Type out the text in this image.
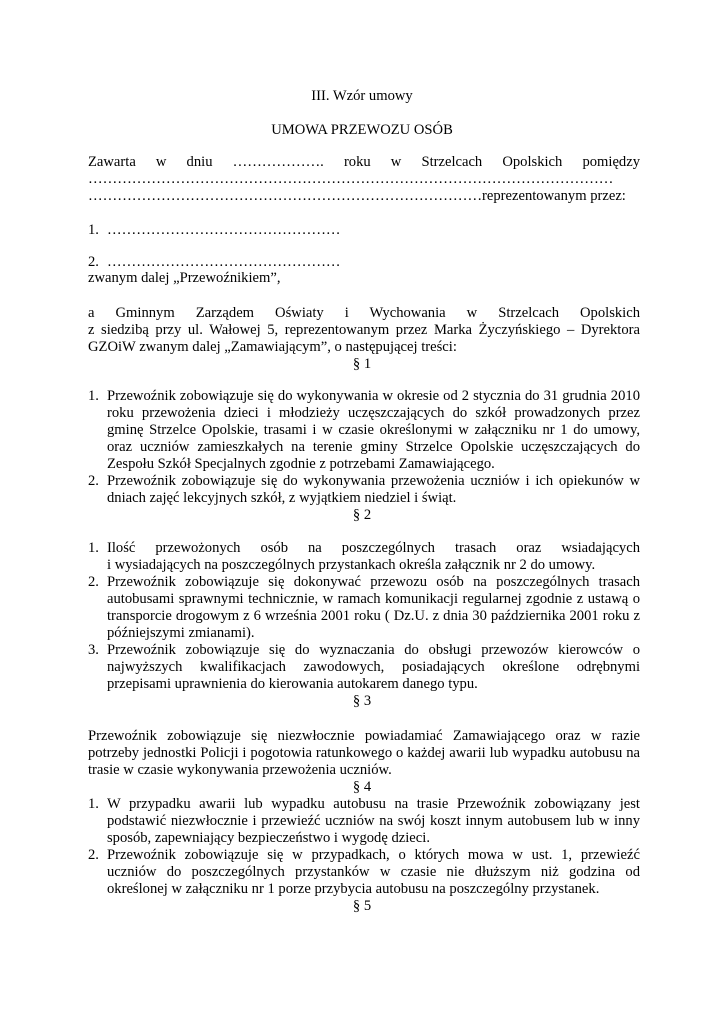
III. Wzór umowy
UMOWA PRZEWOZU OSÓB
Zawarta w dniu ………………. roku w Strzelcach Opolskich pomiędzy
………………………………………………………………………………………………
………………………………………………………………………reprezentowanym przez:
1. …………………………………………
2. …………………………………………
zwanym dalej „Przewoźnikiem”,
a Gminnym Zarządem Oświaty i Wychowania w Strzelcach Opolskich
z siedzibą przy ul. Wałowej 5, reprezentowanym przez Marka Życzyńskiego – Dyrektora
GZOiW zwanym dalej „Zamawiającym”, o następującej treści:
§ 1
1. Przewoźnik zobowiązuje się do wykonywania w okresie od 2 stycznia do 31 grudnia 2010
roku przewożenia dzieci i młodzieży uczęszczających do szkół prowadzonych przez
gminę Strzelce Opolskie, trasami i w czasie określonymi w załączniku nr 1 do umowy,
oraz uczniów zamieszkałych na terenie gminy Strzelce Opolskie uczęszczających do
Zespołu Szkół Specjalnych zgodnie z potrzebami Zamawiającego.
2. Przewoźnik zobowiązuje się do wykonywania przewożenia uczniów i ich opiekunów w
dniach zajęć lekcyjnych szkół, z wyjątkiem niedziel i świąt.
§ 2
1. Ilość przewożonych osób na poszczególnych trasach oraz wsiadających
i wysiadających na poszczególnych przystankach określa załącznik nr 2 do umowy.
2. Przewoźnik zobowiązuje się dokonywać przewozu osób na poszczególnych trasach
autobusami sprawnymi technicznie, w ramach komunikacji regularnej zgodnie z ustawą o
transporcie drogowym z 6 września 2001 roku ( Dz.U. z dnia 30 października 2001 roku z
późniejszymi zmianami).
3. Przewoźnik zobowiązuje się do wyznaczania do obsługi przewozów kierowców o
najwyższych kwalifikacjach zawodowych, posiadających określone odrębnymi
przepisami uprawnienia do kierowania autokarem danego typu.
§ 3
Przewoźnik zobowiązuje się niezwłocznie powiadamiać Zamawiającego oraz w razie
potrzeby jednostki Policji i pogotowia ratunkowego o każdej awarii lub wypadku autobusu na
trasie w czasie wykonywania przewożenia uczniów.
§ 4
1. W przypadku awarii lub wypadku autobusu na trasie Przewoźnik zobowiązany jest
podstawić niezwłocznie i przewieźć uczniów na swój koszt innym autobusem lub w inny
sposób, zapewniający bezpieczeństwo i wygodę dzieci.
2. Przewoźnik zobowiązuje się w przypadkach, o których mowa w ust. 1, przewieźć
uczniów do poszczególnych przystanków w czasie nie dłuższym niż godzina od
określonej w załączniku nr 1 porze przybycia autobusu na poszczególny przystanek.
§ 5
